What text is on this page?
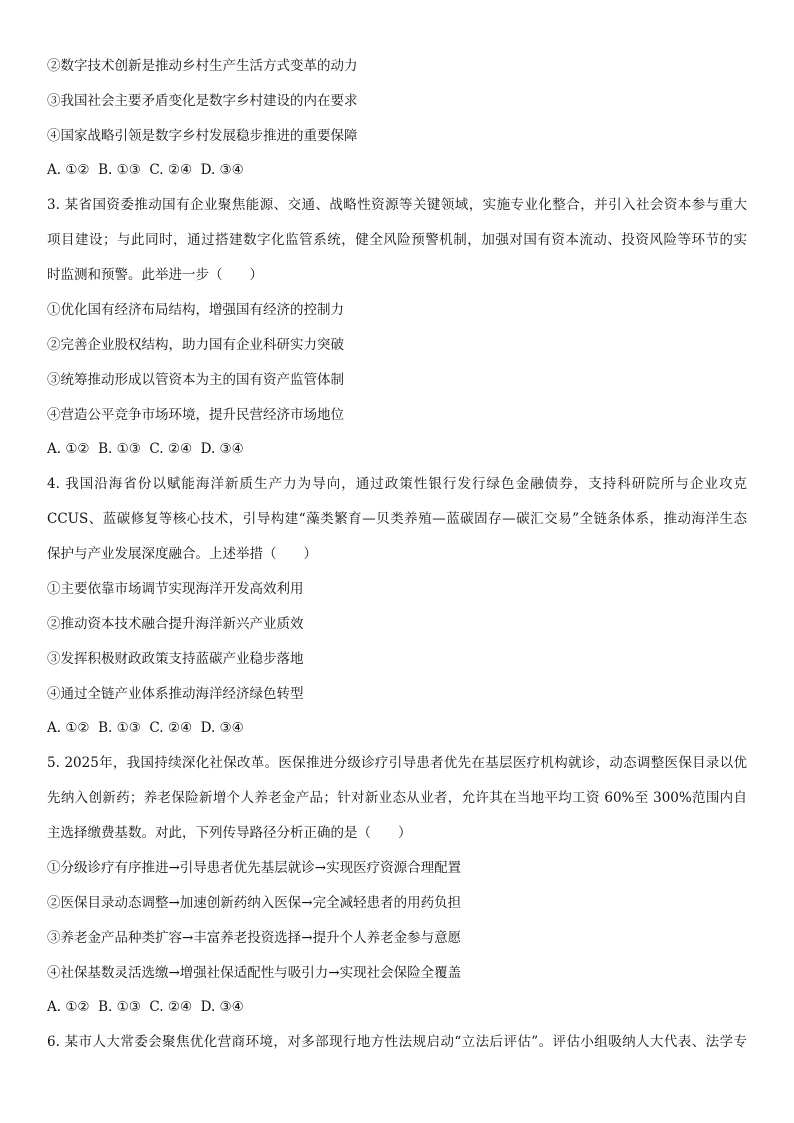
②数字技术创新是推动乡村生产生活方式变革的动力
③我国社会主要矛盾变化是数字乡村建设的内在要求
④国家战略引领是数字乡村发展稳步推进的重要保障
A. ①②  B. ①③  C. ②④  D. ③④
3. 某省国资委推动国有企业聚焦能源、交通、战略性资源等关键领域，实施专业化整合，并引入社会资本参与重大
项目建设；与此同时，通过搭建数字化监管系统，健全风险预警机制，加强对国有资本流动、投资风险等环节的实
时监测和预警。此举进一步（　　）
①优化国有经济布局结构，增强国有经济的控制力
②完善企业股权结构，助力国有企业科研实力突破
③统筹推动形成以管资本为主的国有资产监管体制
④营造公平竞争市场环境，提升民营经济市场地位
A. ①②  B. ①③  C. ②④  D. ③④
4. 我国沿海省份以赋能海洋新质生产力为导向，通过政策性银行发行绿色金融债券，支持科研院所与企业攻克
CCUS、蓝碳修复等核心技术，引导构建“藻类繁育—贝类养殖—蓝碳固存—碳汇交易”全链条体系，推动海洋生态
保护与产业发展深度融合。上述举措（　　）
①主要依靠市场调节实现海洋开发高效利用
②推动资本技术融合提升海洋新兴产业质效
③发挥积极财政政策支持蓝碳产业稳步落地
④通过全链产业体系推动海洋经济绿色转型
A. ①②  B. ①③  C. ②④  D. ③④
5. 2025年，我国持续深化社保改革。医保推进分级诊疗引导患者优先在基层医疗机构就诊，动态调整医保目录以优
先纳入创新药；养老保险新增个人养老金产品；针对新业态从业者，允许其在当地平均工资 60%至 300%范围内自
主选择缴费基数。对此，下列传导路径分析正确的是（　　）
①分级诊疗有序推进→引导患者优先基层就诊→实现医疗资源合理配置
②医保目录动态调整→加速创新药纳入医保→完全减轻患者的用药负担
③养老金产品种类扩容→丰富养老投资选择→提升个人养老金参与意愿
④社保基数灵活选缴→增强社保适配性与吸引力→实现社会保险全覆盖
A. ①②  B. ①③  C. ②④  D. ③④
6. 某市人大常委会聚焦优化营商环境，对多部现行地方性法规启动“立法后评估”。评估小组吸纳人大代表、法学专
